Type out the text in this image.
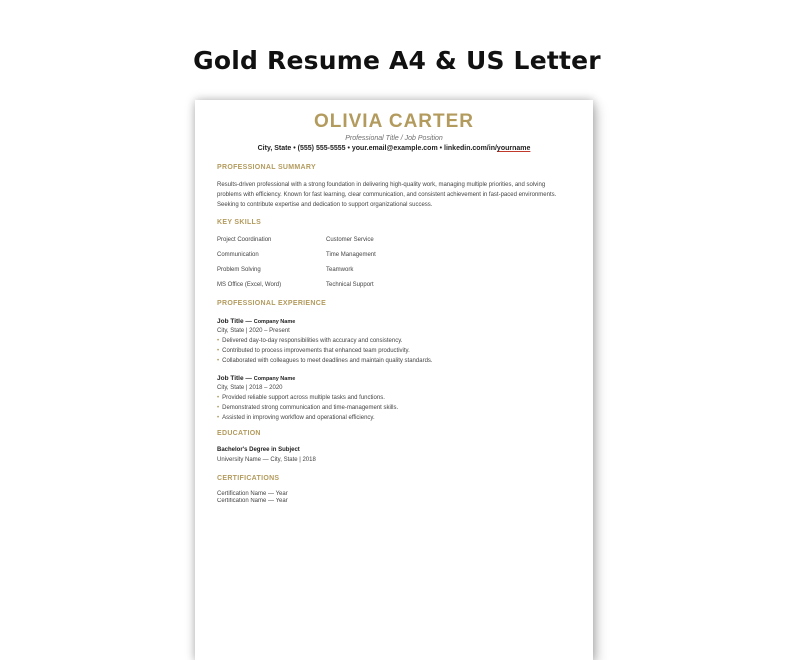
Gold Resume A4 & US Letter
OLIVIA CARTER
Professional Title / Job Position
City, State • (555) 555-5555 • your.email@example.com • linkedin.com/in/yourname
PROFESSIONAL SUMMARY
Results-driven professional with a strong foundation in delivering high-quality work, managing multiple priorities, and solving problems with efficiency. Known for fast learning, clear communication, and consistent achievement in fast-paced environments. Seeking to contribute expertise and dedication to support organizational success.
KEY SKILLS
Project Coordination	Customer Service
Communication	Time Management
Problem Solving	Teamwork
MS Office (Excel, Word)	Technical Support
PROFESSIONAL EXPERIENCE
Job Title — Company Name
City, State | 2020 – Present
• Delivered day-to-day responsibilities with accuracy and consistency.
• Contributed to process improvements that enhanced team productivity.
• Collaborated with colleagues to meet deadlines and maintain quality standards.
Job Title — Company Name
City, State | 2018 – 2020
• Provided reliable support across multiple tasks and functions.
• Demonstrated strong communication and time-management skills.
• Assisted in improving workflow and operational efficiency.
EDUCATION
Bachelor's Degree in Subject
University Name — City, State | 2018
CERTIFICATIONS
Certification Name — Year
Certification Name — Year
